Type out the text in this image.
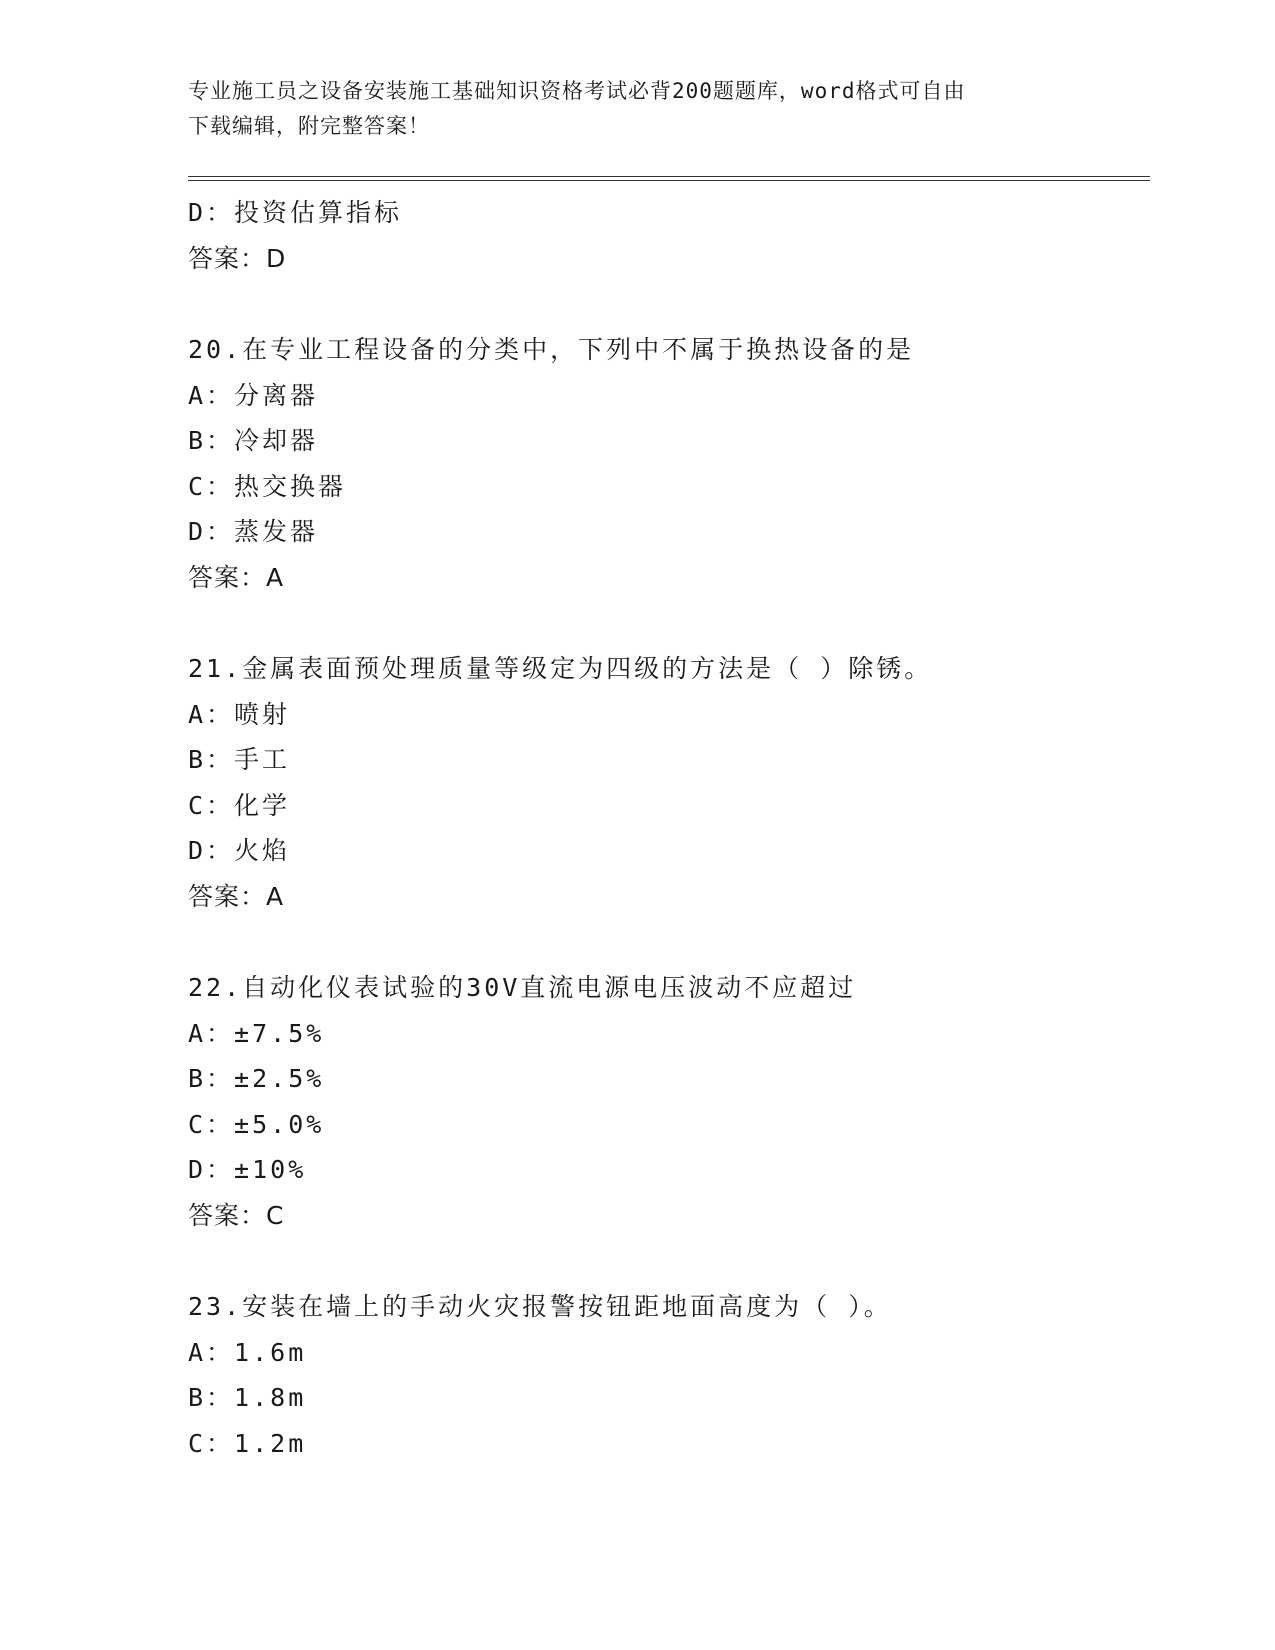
专业施工员之设备安装施工基础知识资格考试必背200题题库，word格式可自由
下载编辑，附完整答案！
D：投资估算指标
答案：D
20.在专业工程设备的分类中，下列中不属于换热设备的是
A：分离器
B：冷却器
C：热交换器
D：蒸发器
答案：A
21.金属表面预处理质量等级定为四级的方法是（ ）除锈。
A：喷射
B：手工
C：化学
D：火焰
答案：A
22.自动化仪表试验的30V直流电源电压波动不应超过
A：±7.5%
B：±2.5%
C：±5.0%
D：±10%
答案：C
23.安装在墙上的手动火灾报警按钮距地面高度为（ ）。
A：1.6m
B：1.8m
C：1.2m
